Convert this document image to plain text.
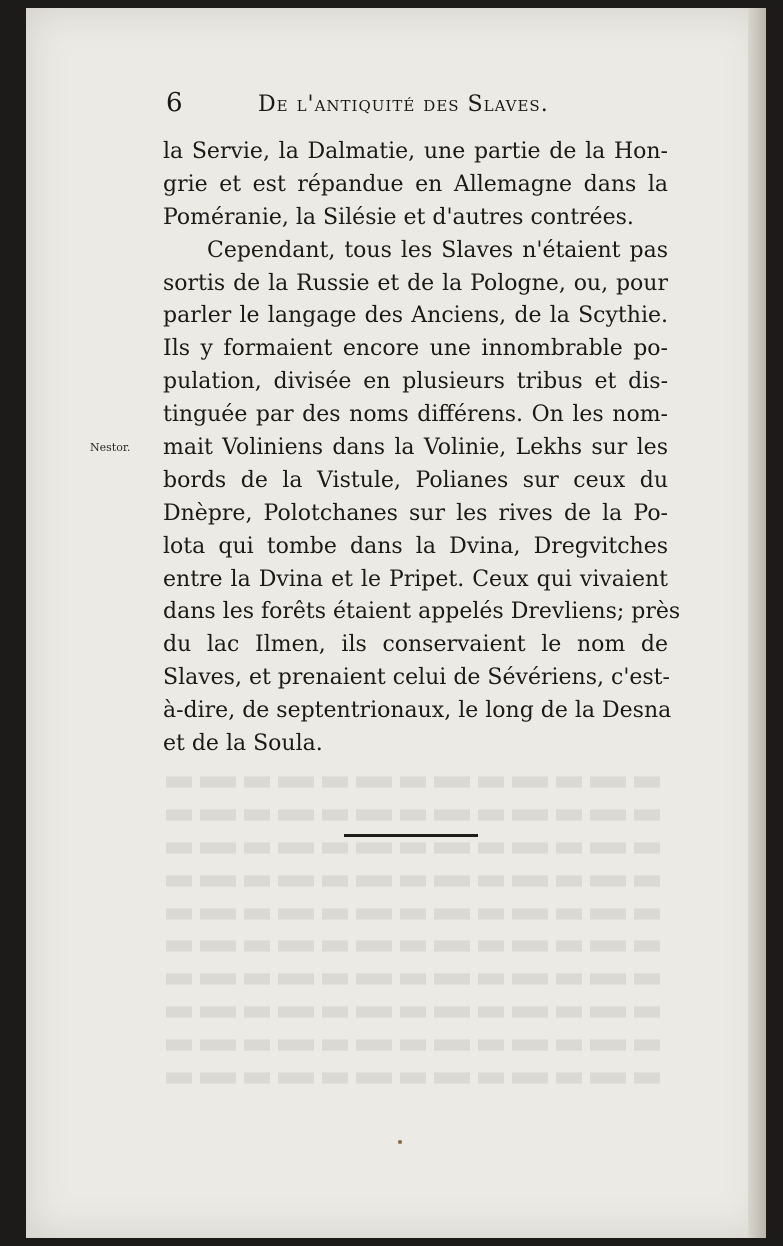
6	De l'antiquité des Slaves.
Nestor.
la Servie, la Dalmatie, une partie de la Hon-
grie et est répandue en Allemagne dans la
Poméranie, la Silésie et d'autres contrées.
Cependant, tous les Slaves n'étaient pas
sortis de la Russie et de la Pologne, ou, pour
parler le langage des Anciens, de la Scythie.
Ils y formaient encore une innombrable po-
pulation, divisée en plusieurs tribus et dis-
tinguée par des noms différens. On les nom-
mait Voliniens dans la Volinie, Lekhs sur les
bords de la Vistule, Polianes sur ceux du
Dnèpre, Polotchanes sur les rives de la Po-
lota qui tombe dans la Dvina, Dregvitches
entre la Dvina et le Pripet. Ceux qui vivaient
dans les forêts étaient appelés Drevliens; près
du lac Ilmen, ils conservaient le nom de
Slaves, et prenaient celui de Sévériens, c'est-
à-dire, de septentrionaux, le long de la Desna
et de la Soula.
